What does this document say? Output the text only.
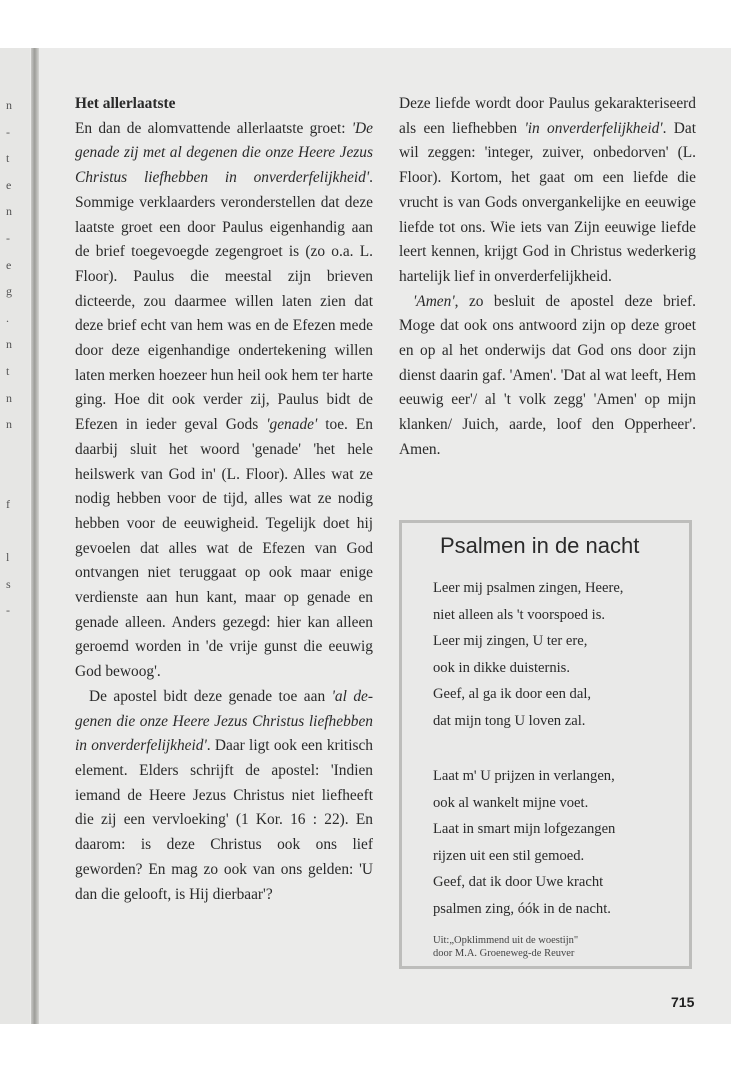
n
-
t
e
n
-
e
g
.
n
t
n
n

f

l
s
-

Het allerlaatste

En dan de alomvattende allerlaatste groet: 'De genade zij met al degenen die onze Heere Jezus Christus liefhebben in onverderfelijkheid'. Sommige verklaarders veronderstellen dat deze laatste groet een door Paulus eigenhandig aan de brief toegevoegde zegengroet is (zo o.a. L. Floor). Paulus die meestal zijn brieven dicteerde, zou daarmee willen laten zien dat deze brief echt van hem was en de Efezen mede door deze eigenhandige ondertekening willen laten merken hoezeer hun heil ook hem ter harte ging. Hoe dit ook verder zij, Paulus bidt de Efezen in ieder geval Gods 'genade' toe. En daarbij sluit het woord 'genade' 'het hele heilswerk van God in' (L. Floor). Alles wat ze nodig hebben voor de tijd, alles wat ze nodig hebben voor de eeuwigheid. Tegelijk doet hij gevoelen dat alles wat de Efezen van God ontvangen niet teruggaat op ook maar enige verdienste aan hun kant, maar op genade en genade alleen. Anders gezegd: hier kan alleen geroemd worden in 'de vrije gunst die eeuwig God bewoog'.

De apostel bidt deze genade toe aan 'al degenen die onze Heere Jezus Christus liefhebben in onverderfelijkheid'. Daar ligt ook een kritisch element. Elders schrijft de apostel: 'Indien iemand de Heere Jezus Christus niet liefheeft die zij een vervloeking' (1 Kor. 16 : 22). En daarom: is deze Christus ook ons lief geworden? En mag zo ook van ons gelden: 'U dan die gelooft, is Hij dierbaar'?

Deze liefde wordt door Paulus gekarakteriseerd als een liefhebben 'in onverderfelijkheid'. Dat wil zeggen: 'integer, zuiver, onbedorven' (L. Floor). Kortom, het gaat om een liefde die vrucht is van Gods onvergankelijke en eeuwige liefde tot ons. Wie iets van Zijn eeuwige liefde leert kennen, krijgt God in Christus wederkerig hartelijk lief in onverderfelijkheid.

'Amen', zo besluit de apostel deze brief. Moge dat ook ons antwoord zijn op deze groet en op al het onderwijs dat God ons door zijn dienst daarin gaf. 'Amen'. 'Dat al wat leeft, Hem eeuwig eer'/ al 't volk zegg' 'Amen' op mijn klanken/ Juich, aarde, loof den Opperheer'. Amen.

Psalmen in de nacht
Leer mij psalmen zingen, Heere,
niet alleen als 't voorspoed is.
Leer mij zingen, U ter ere,
ook in dikke duisternis.
Geef, al ga ik door een dal,
dat mijn tong U loven zal.
Laat m' U prijzen in verlangen,
ook al wankelt mijne voet.
Laat in smart mijn lofgezangen
rijzen uit een stil gemoed.
Geef, dat ik door Uwe kracht
psalmen zing, óók in de nacht.
Uit:„Opklimmend uit de woestijn"
door M.A. Groeneweg-de Reuver
715
